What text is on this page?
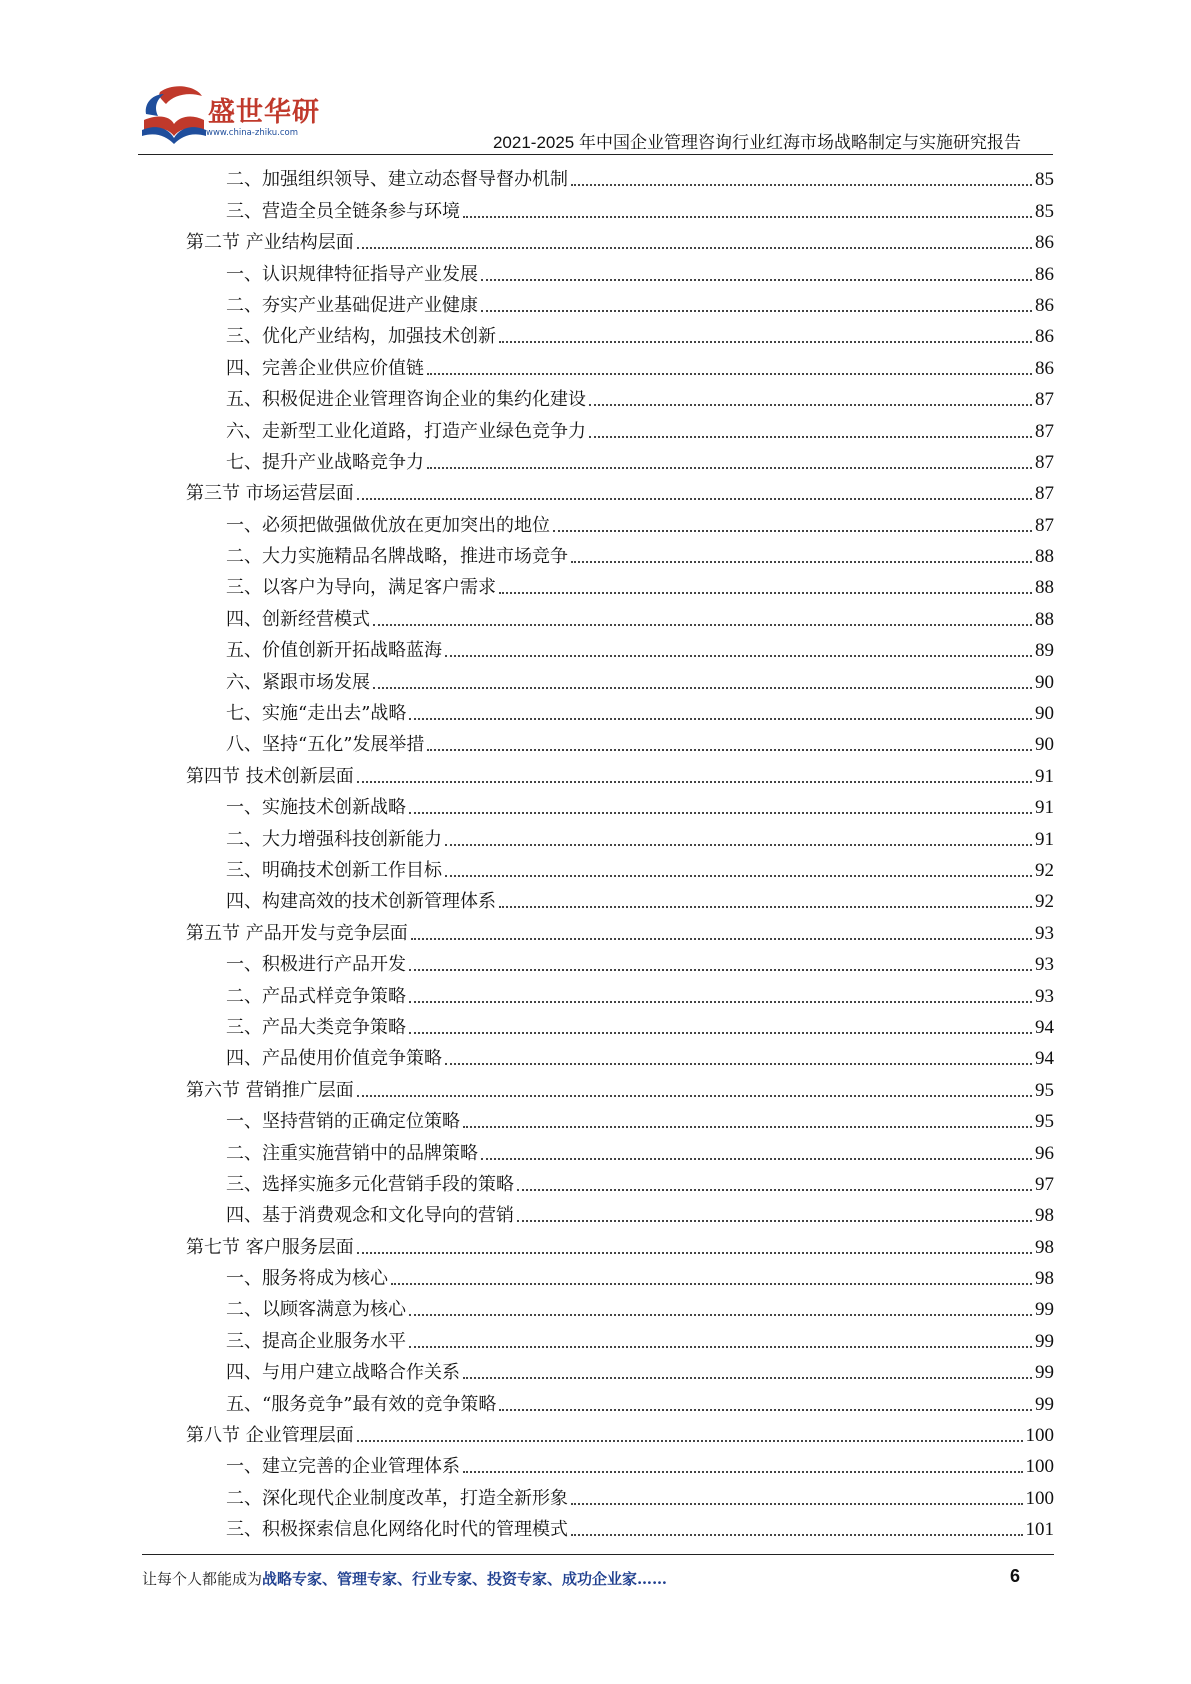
盛世华研
www.china-zhiku.com	2021-2025 年中国企业管理咨询行业红海市场战略制定与实施研究报告
二、加强组织领导、建立动态督导督办机制	85
三、营造全员全链条参与环境	85
第二节 产业结构层面	86
一、认识规律特征指导产业发展	86
二、夯实产业基础促进产业健康	86
三、优化产业结构，加强技术创新	86
四、完善企业供应价值链	86
五、积极促进企业管理咨询企业的集约化建设	87
六、走新型工业化道路，打造产业绿色竞争力	87
七、提升产业战略竞争力	87
第三节 市场运营层面	87
一、必须把做强做优放在更加突出的地位	87
二、大力实施精品名牌战略，推进市场竞争	88
三、以客户为导向，满足客户需求	88
四、创新经营模式	88
五、价值创新开拓战略蓝海	89
六、紧跟市场发展	90
七、实施“走出去”战略	90
八、坚持“五化”发展举措	90
第四节 技术创新层面	91
一、实施技术创新战略	91
二、大力增强科技创新能力	91
三、明确技术创新工作目标	92
四、构建高效的技术创新管理体系	92
第五节 产品开发与竞争层面	93
一、积极进行产品开发	93
二、产品式样竞争策略	93
三、产品大类竞争策略	94
四、产品使用价值竞争策略	94
第六节 营销推广层面	95
一、坚持营销的正确定位策略	95
二、注重实施营销中的品牌策略	96
三、选择实施多元化营销手段的策略	97
四、基于消费观念和文化导向的营销	98
第七节 客户服务层面	98
一、服务将成为核心	98
二、以顾客满意为核心	99
三、提高企业服务水平	99
四、与用户建立战略合作关系	99
五、“服务竞争”最有效的竞争策略	99
第八节 企业管理层面	100
一、建立完善的企业管理体系	100
二、深化现代企业制度改革，打造全新形象	100
三、积极探索信息化网络化时代的管理模式	101
让每个人都能成为战略专家、管理专家、行业专家、投资专家、成功企业家……	6
